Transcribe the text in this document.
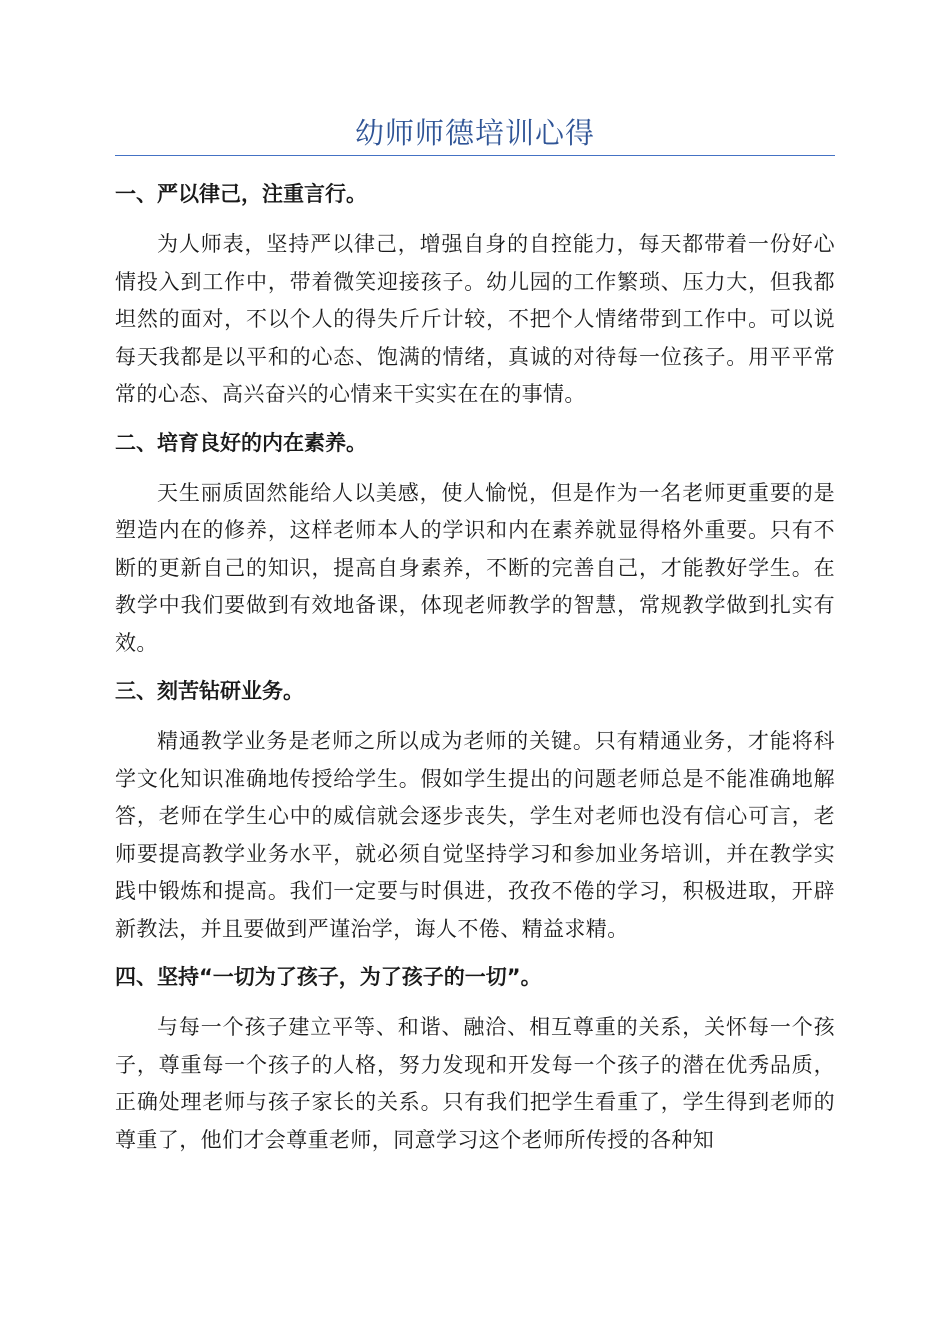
幼师师德培训心得

一、严以律己，注重言行。

为人师表，坚持严以律己，增强自身的自控能力，每天都带着一份好心情投入到工作中，带着微笑迎接孩子。幼儿园的工作繁琐、压力大，但我都坦然的面对，不以个人的得失斤斤计较，不把个人情绪带到工作中。可以说每天我都是以平和的心态、饱满的情绪，真诚的对待每一位孩子。用平平常常的心态、高兴奋兴的心情来干实实在在的事情。

二、培育良好的内在素养。

天生丽质固然能给人以美感，使人愉悦，但是作为一名老师更重要的是塑造内在的修养，这样老师本人的学识和内在素养就显得格外重要。只有不断的更新自己的知识，提高自身素养，不断的完善自己，才能教好学生。在教学中我们要做到有效地备课，体现老师教学的智慧，常规教学做到扎实有效。

三、刻苦钻研业务。

精通教学业务是老师之所以成为老师的关键。只有精通业务，才能将科学文化知识准确地传授给学生。假如学生提出的问题老师总是不能准确地解答，老师在学生心中的威信就会逐步丧失，学生对老师也没有信心可言，老师要提高教学业务水平，就必须自觉坚持学习和参加业务培训，并在教学实践中锻炼和提高。我们一定要与时俱进，孜孜不倦的学习，积极进取，开辟新教法，并且要做到严谨治学，诲人不倦、精益求精。

四、坚持“一切为了孩子，为了孩子的一切”。

与每一个孩子建立平等、和谐、融洽、相互尊重的关系，关怀每一个孩子，尊重每一个孩子的人格，努力发现和开发每一个孩子的潜在优秀品质，正确处理老师与孩子家长的关系。只有我们把学生看重了，学生得到老师的尊重了，他们才会尊重老师，同意学习这个老师所传授的各种知
